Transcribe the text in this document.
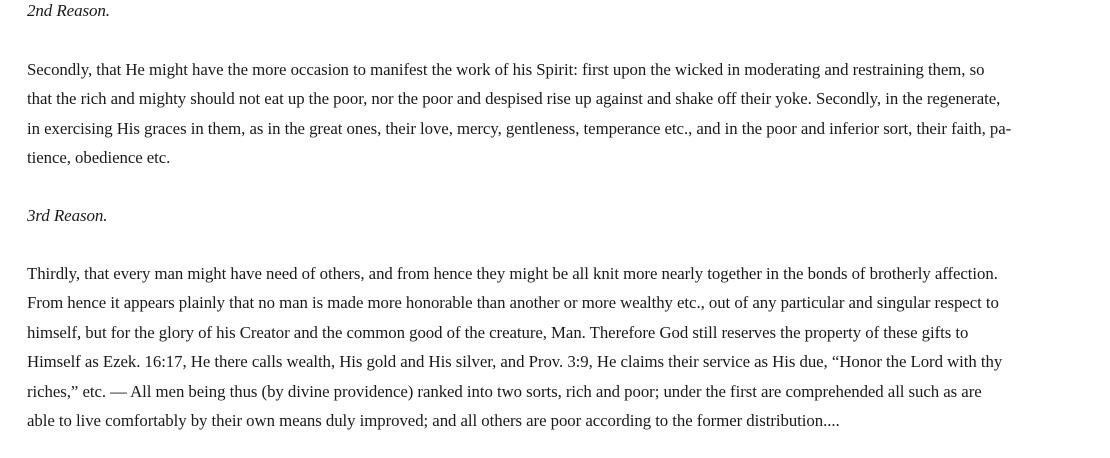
2nd Reason.

Secondly, that He might have the more occasion to manifest the work of his Spirit: first upon the wicked in moderating and restraining them, so
that the rich and mighty should not eat up the poor, nor the poor and despised rise up against and shake off their yoke. Secondly, in the regenerate,
in exercising His graces in them, as in the great ones, their love, mercy, gentleness, temperance etc., and in the poor and inferior sort, their faith, pa-
tience, obedience etc.

3rd Reason.

Thirdly, that every man might have need of others, and from hence they might be all knit more nearly together in the bonds of brotherly affection.
From hence it appears plainly that no man is made more honorable than another or more wealthy etc., out of any particular and singular respect to
himself, but for the glory of his Creator and the common good of the creature, Man. Therefore God still reserves the property of these gifts to
Himself as Ezek. 16:17, He there calls wealth, His gold and His silver, and Prov. 3:9, He claims their service as His due, “Honor the Lord with thy
riches,” etc. — All men being thus (by divine providence) ranked into two sorts, rich and poor; under the first are comprehended all such as are
able to live comfortably by their own means duly improved; and all others are poor according to the former distribution....
